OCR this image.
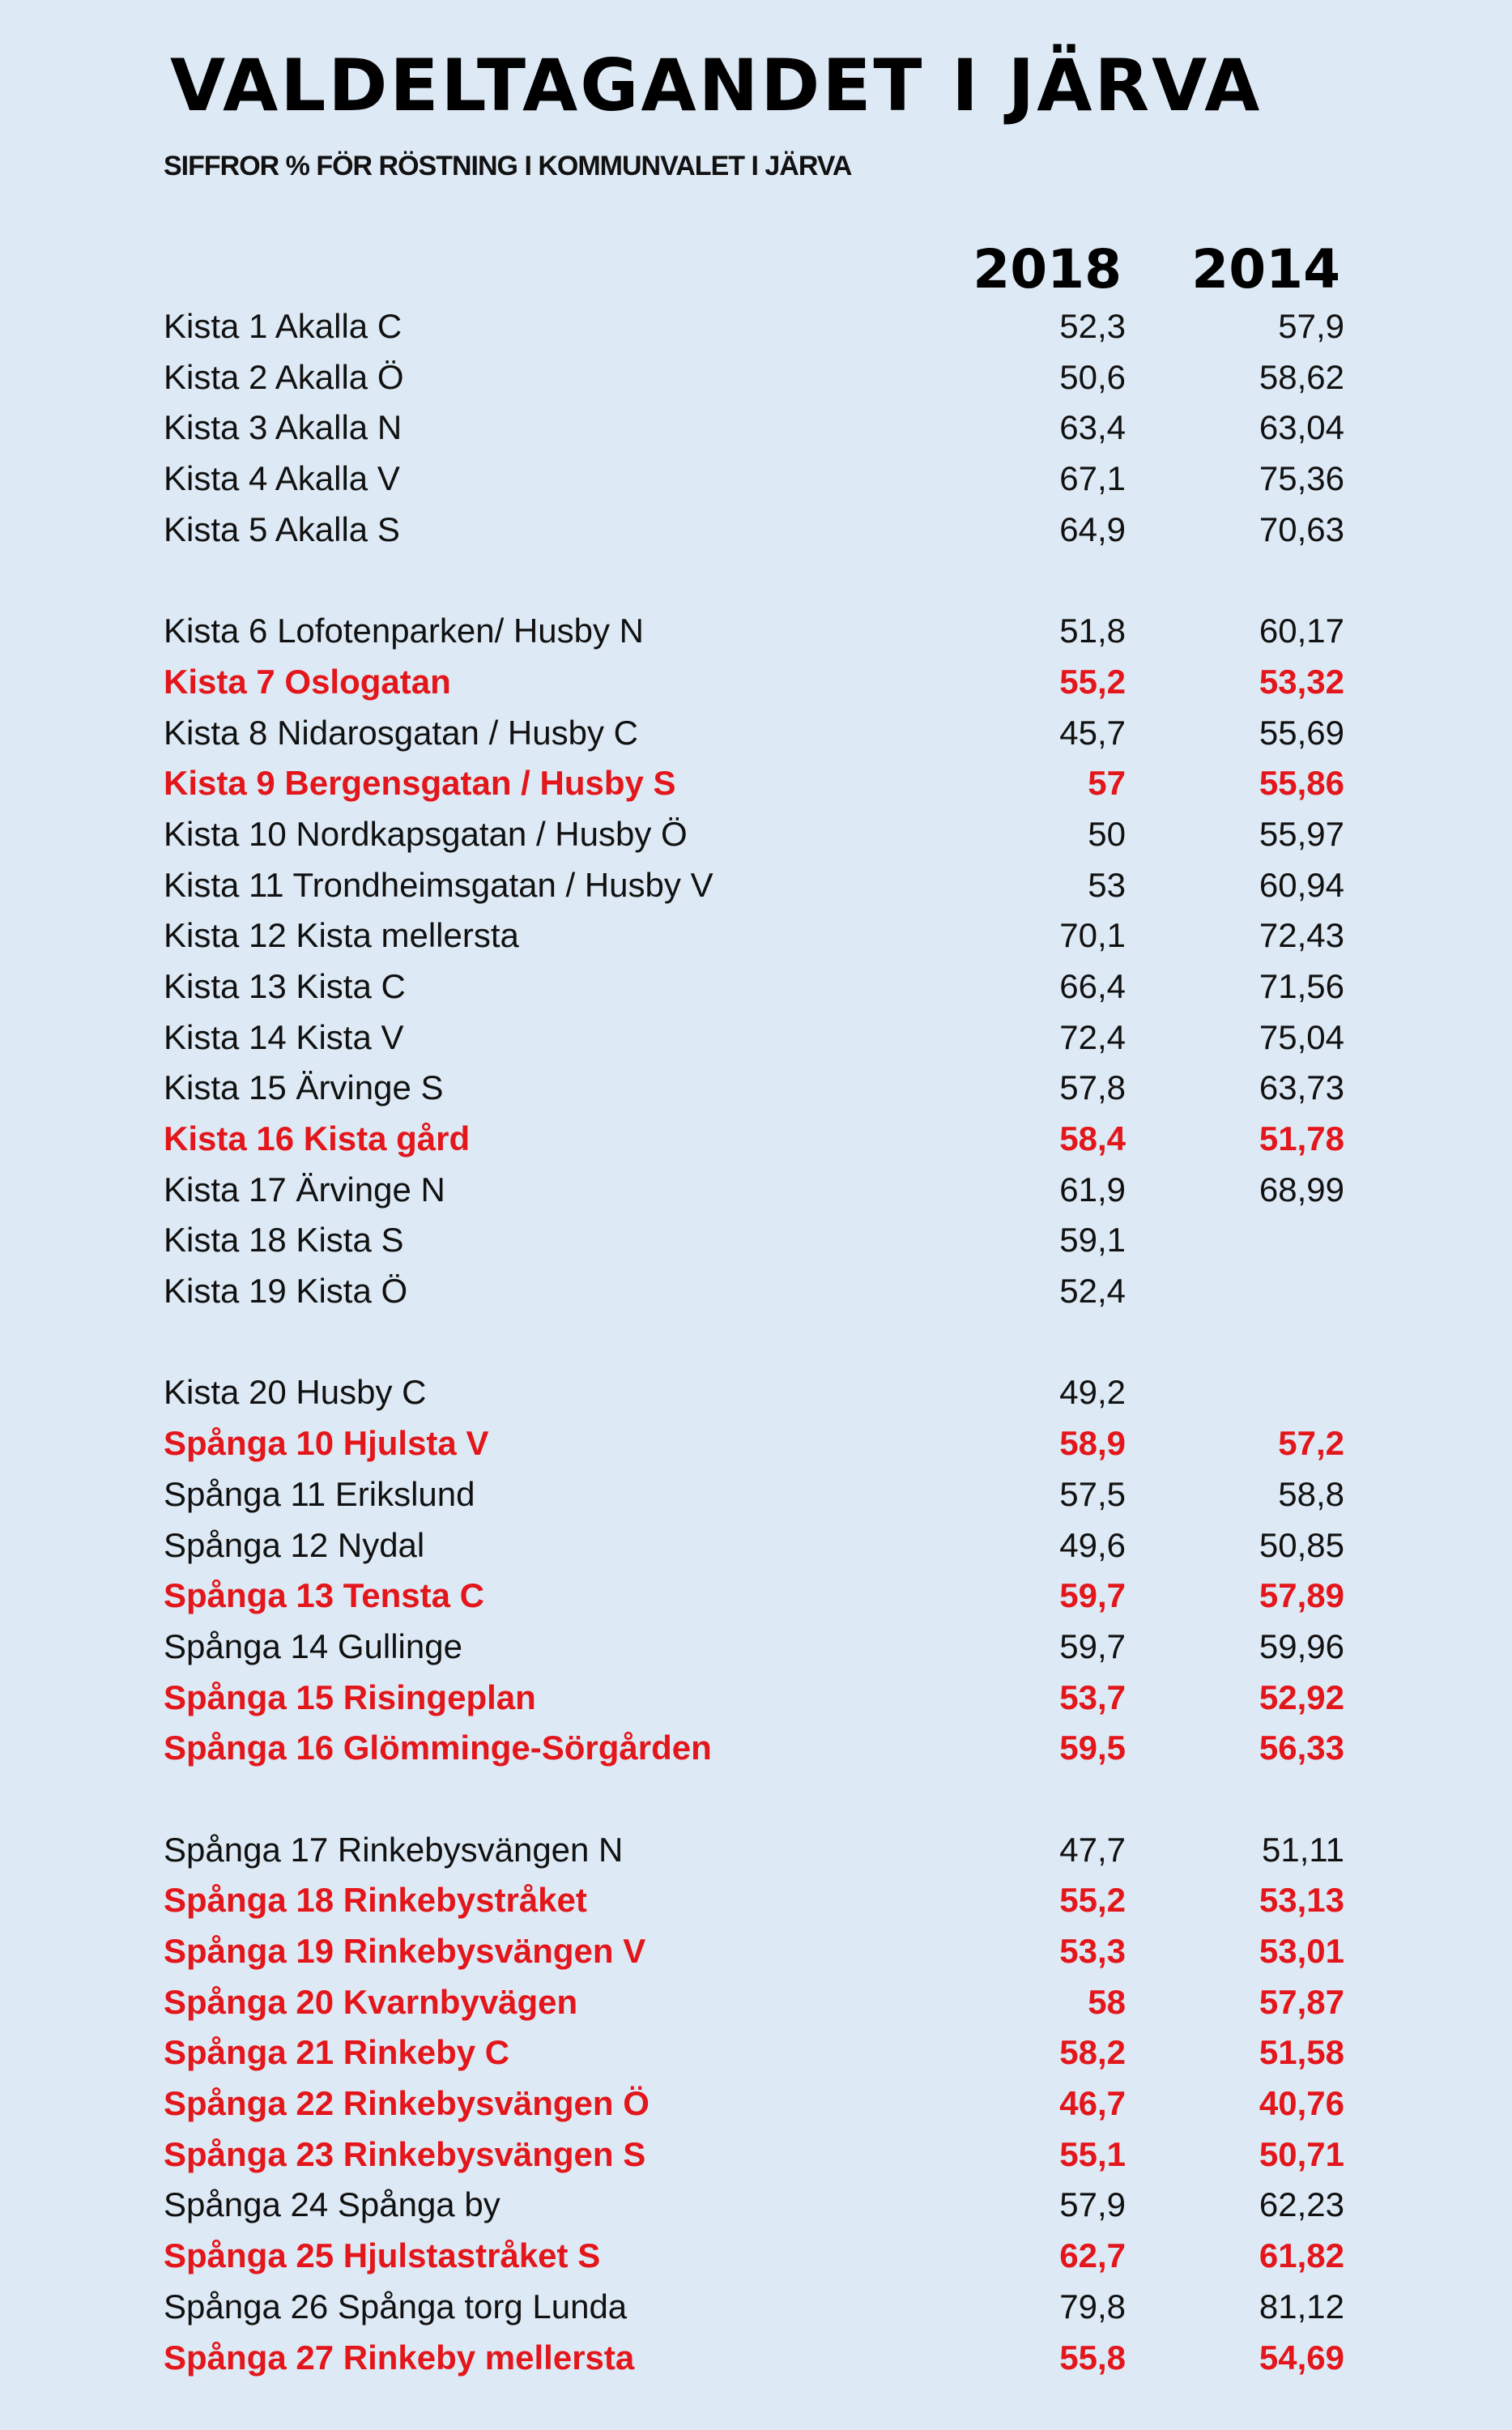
VALDELTAGANDET I JÄRVA
SIFFROR % FÖR RÖSTNING I KOMMUNVALET I JÄRVA
2018	2014
Kista 1 Akalla C	52,3	57,9
Kista 2 Akalla Ö	50,6	58,62
Kista 3 Akalla N	63,4	63,04
Kista 4 Akalla V	67,1	75,36
Kista 5 Akalla S	64,9	70,63
Kista 6 Lofotenparken/ Husby N	51,8	60,17
Kista 7 Oslogatan	55,2	53,32
Kista 8 Nidarosgatan / Husby C	45,7	55,69
Kista 9 Bergensgatan / Husby S	57	55,86
Kista 10 Nordkapsgatan / Husby Ö	50	55,97
Kista 11 Trondheimsgatan / Husby V	53	60,94
Kista 12 Kista mellersta	70,1	72,43
Kista 13 Kista C	66,4	71,56
Kista 14 Kista V	72,4	75,04
Kista 15 Ärvinge S	57,8	63,73
Kista 16 Kista gård	58,4	51,78
Kista 17 Ärvinge N	61,9	68,99
Kista 18 Kista S	59,1
Kista 19 Kista Ö	52,4
Kista 20 Husby C	49,2
Spånga 10 Hjulsta V	58,9	57,2
Spånga 11 Erikslund	57,5	58,8
Spånga 12 Nydal	49,6	50,85
Spånga 13 Tensta C	59,7	57,89
Spånga 14 Gullinge	59,7	59,96
Spånga 15 Risingeplan	53,7	52,92
Spånga 16 Glömminge-Sörgården	59,5	56,33
Spånga 17 Rinkebysvängen N	47,7	51,11
Spånga 18 Rinkebystråket	55,2	53,13
Spånga 19 Rinkebysvängen V	53,3	53,01
Spånga 20 Kvarnbyvägen	58	57,87
Spånga 21 Rinkeby C	58,2	51,58
Spånga 22 Rinkebysvängen Ö	46,7	40,76
Spånga 23 Rinkebysvängen S	55,1	50,71
Spånga 24 Spånga by	57,9	62,23
Spånga 25 Hjulstastråket S	62,7	61,82
Spånga 26 Spånga torg Lunda	79,8	81,12
Spånga 27 Rinkeby mellersta	55,8	54,69
